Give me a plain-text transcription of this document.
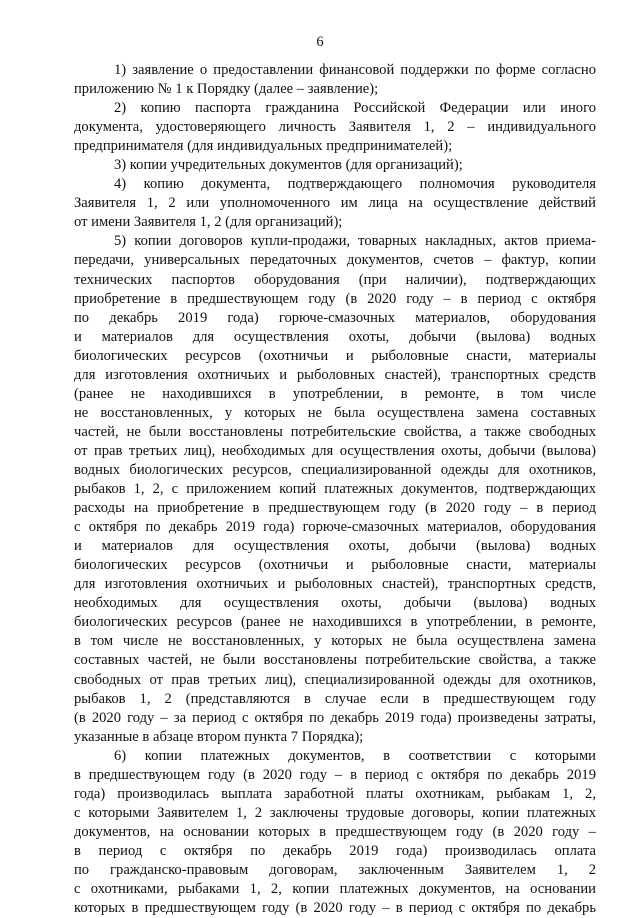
6
1) заявление о предоставлении финансовой поддержки по форме согласно
приложению № 1 к Порядку (далее – заявление);
2) копию паспорта гражданина Российской Федерации или иного
документа, удостоверяющего личность Заявителя 1, 2 – индивидуального
предпринимателя (для индивидуальных предпринимателей);
3) копии учредительных документов (для организаций);
4) копию документа, подтверждающего полномочия руководителя
Заявителя 1, 2 или уполномоченного им лица на осуществление действий
от имени Заявителя 1, 2 (для организаций);
5) копии договоров купли-продажи, товарных накладных, актов приема-
передачи, универсальных передаточных документов, счетов – фактур, копии
технических паспортов оборудования (при наличии), подтверждающих
приобретение в предшествующем году (в 2020 году – в период с октября
по декабрь 2019 года) горюче-смазочных материалов, оборудования
и материалов для осуществления охоты, добычи (вылова) водных
биологических ресурсов (охотничьи и рыболовные снасти, материалы
для изготовления охотничьих и рыболовных снастей), транспортных средств
(ранее не находившихся в употреблении, в ремонте, в том числе
не восстановленных, у которых не была осуществлена замена составных
частей, не были восстановлены потребительские свойства, а также свободных
от прав третьих лиц), необходимых для осуществления охоты, добычи (вылова)
водных биологических ресурсов, специализированной одежды для охотников,
рыбаков 1, 2, с приложением копий платежных документов, подтверждающих
расходы на приобретение в предшествующем году (в 2020 году – в период
с октября по декабрь 2019 года) горюче-смазочных материалов, оборудования
и материалов для осуществления охоты, добычи (вылова) водных
биологических ресурсов (охотничьи и рыболовные снасти, материалы
для изготовления охотничьих и рыболовных снастей), транспортных средств,
необходимых для осуществления охоты, добычи (вылова) водных
биологических ресурсов (ранее не находившихся в употреблении, в ремонте,
в том числе не восстановленных, у которых не была осуществлена замена
составных частей, не были восстановлены потребительские свойства, а также
свободных от прав третьих лиц), специализированной одежды для охотников,
рыбаков 1, 2 (представляются в случае если в предшествующем году
(в 2020 году – за период с октября по декабрь 2019 года) произведены затраты,
указанные в абзаце втором пункта 7 Порядка);
6) копии платежных документов, в соответствии с которыми
в предшествующем году (в 2020 году – в период с октября по декабрь 2019
года) производилась выплата заработной платы охотникам, рыбакам 1, 2,
с которыми Заявителем 1, 2 заключены трудовые договоры, копии платежных
документов, на основании которых в предшествующем году (в 2020 году –
в период с октября по декабрь 2019 года) производилась оплата
по гражданско-правовым договорам, заключенным Заявителем 1, 2
с охотниками, рыбаками 1, 2, копии платежных документов, на основании
которых в предшествующем году (в 2020 году – в период с октября по декабрь
